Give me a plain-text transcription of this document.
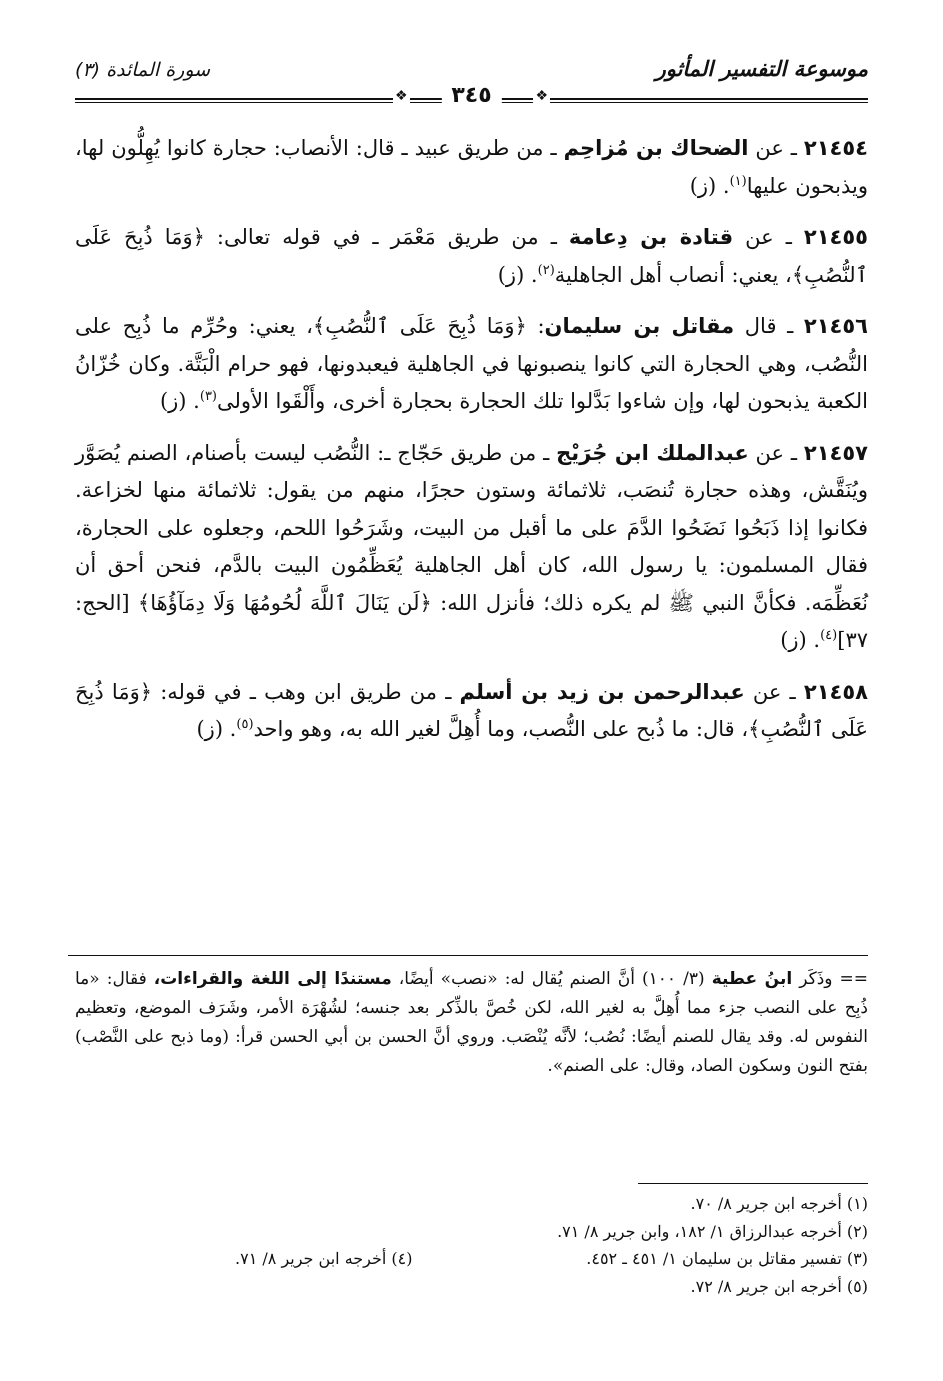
موسوعة التفسير المأثور
سورة المائدة (٣)
❖
٣٤٥
❖

٢١٤٥٤ ـ عن الضحاك بن مُزاحِم ـ من طريق عبيد ـ قال: الأنصاب: حجارة كانوا يُهِلُّون لها، ويذبحون عليها$^{(١)}$. (ز)

٢١٤٥٥ ـ عن قتادة بن دِعامة ـ من طريق مَعْمَر ـ في قوله تعالى: ﴿وَمَا ذُبِحَ عَلَى ٱلنُّصُبِ﴾، يعني: أنصاب أهل الجاهلية$^{(٢)}$. (ز)

٢١٤٥٦ ـ قال مقاتل بن سليمان: ﴿وَمَا ذُبِحَ عَلَى ٱلنُّصُبِ﴾، يعني: وحُرِّم ما ذُبِح على النُّصُب، وهي الحجارة التي كانوا ينصبونها في الجاهلية فيعبدونها، فهو حرام الْبَتَّة. وكان خُزّانُ الكعبة يذبحون لها، وإن شاءوا بَدَّلوا تلك الحجارة بحجارة أخرى، وأَلْقَوا الأولى$^{(٣)}$. (ز)

٢١٤٥٧ ـ عن عبدالملك ابن جُرَيْج ـ من طريق حَجّاج ـ: النُّصُب ليست بأصنام، الصنم يُصَوَّر ويُنَقَّش، وهذه حجارة تُنصَب، ثلاثمائة وستون حجرًا، منهم من يقول: ثلاثمائة منها لخزاعة. فكانوا إذا ذَبَحُوا نَضَحُوا الدَّمَ على ما أقبل من البيت، وشَرَحُوا اللحم، وجعلوه على الحجارة، فقال المسلمون: يا رسول الله، كان أهل الجاهلية يُعَظِّمُون البيت بالدَّم، فنحن أحق أن نُعَظِّمَه. فكأنَّ النبي ﷺ لم يكره ذلك؛ فأنزل الله: ﴿لَن يَنَالَ ٱللَّهَ لُحُومُهَا وَلَا دِمَآؤُهَا﴾ [الحج: ٣٧]$^{(٤)}$. (ز)

٢١٤٥٨ ـ عن عبدالرحمن بن زيد بن أسلم ـ من طريق ابن وهب ـ في قوله: ﴿وَمَا ذُبِحَ عَلَى ٱلنُّصُبِ﴾، قال: ما ذُبح على النُّصب، وما أُهِلَّ لغير الله به، وهو واحد$^{(٥)}$. (ز)

== وذَكَر ابنُ عطية (٣/ ١٠٠) أنَّ الصنم يُقال له: «نصب» أيضًا، مستندًا إلى اللغة والقراءات، فقال: «ما ذُبِح على النصب جزء مما أُهِلَّ به لغير الله، لكن خُصَّ بالذِّكر بعد جنسه؛ لشُهْرَة الأمر، وشَرَف الموضع، وتعظيم النفوس له. وقد يقال للصنم أيضًا: نُصُب؛ لأنَّه يُنْصَب. وروي أنَّ الحسن بن أبي الحسن قرأ: (وما ذبح على النَّصْب) بفتح النون وسكون الصاد، وقال: على الصنم».
(١) أخرجه ابن جرير ٨/ ٧٠.
(٢) أخرجه عبدالرزاق ١/ ١٨٢، وابن جرير ٨/ ٧١.
(٣) تفسير مقاتل بن سليمان ١/ ٤٥١ ـ ٤٥٢.
(٤) أخرجه ابن جرير ٨/ ٧١.
(٥) أخرجه ابن جرير ٨/ ٧٢.
